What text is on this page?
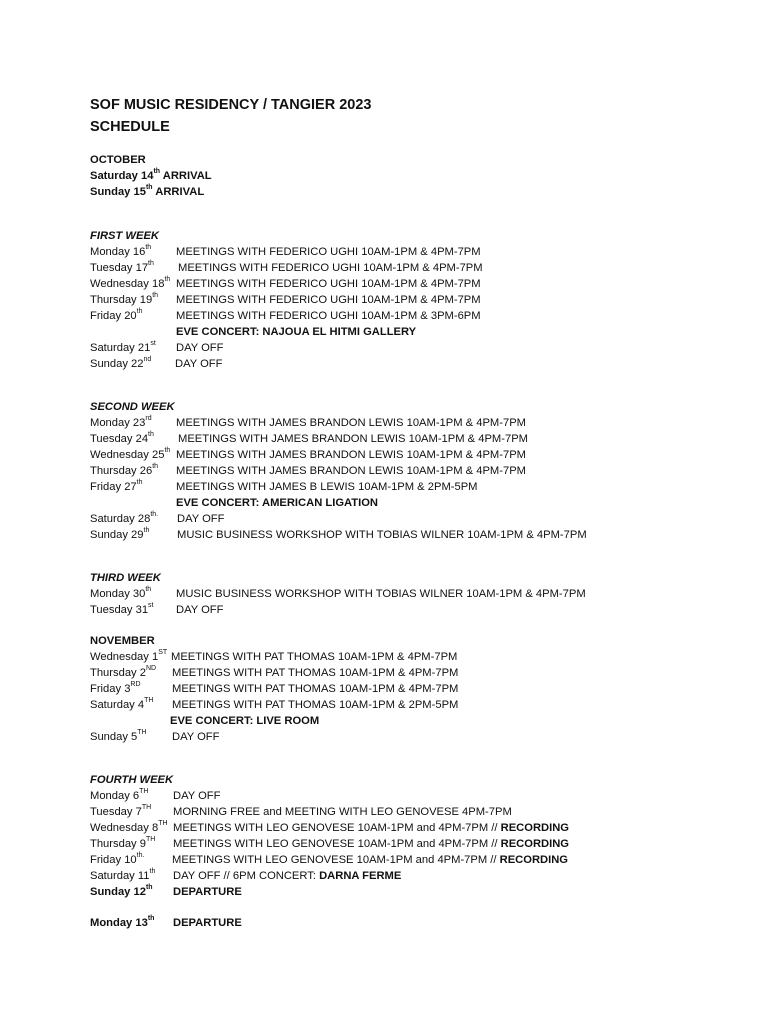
SOF MUSIC RESIDENCY / TANGIER 2023
SCHEDULE
OCTOBER
Saturday 14th ARRIVAL
Sunday 15th ARRIVAL
FIRST WEEK
Monday 16th MEETINGS WITH FEDERICO UGHI 10AM-1PM & 4PM-7PM
Tuesday 17th MEETINGS WITH FEDERICO UGHI 10AM-1PM & 4PM-7PM
Wednesday 18th MEETINGS WITH FEDERICO UGHI 10AM-1PM & 4PM-7PM
Thursday 19th MEETINGS WITH FEDERICO UGHI 10AM-1PM & 4PM-7PM
Friday 20th	MEETINGS WITH FEDERICO UGHI 10AM-1PM & 3PM-6PM
EVE CONCERT: NAJOUA EL HITMI GALLERY
Saturday 21st DAY OFF
Sunday 22nd DAY OFF
SECOND WEEK
Monday 23rd MEETINGS WITH JAMES BRANDON LEWIS 10AM-1PM & 4PM-7PM
Tuesday 24th MEETINGS WITH JAMES BRANDON LEWIS 10AM-1PM & 4PM-7PM
Wednesday 25th MEETINGS WITH JAMES BRANDON LEWIS 10AM-1PM & 4PM-7PM
Thursday 26th MEETINGS WITH JAMES BRANDON LEWIS 10AM-1PM & 4PM-7PM
Friday 27th	MEETINGS WITH JAMES B LEWIS 10AM-1PM & 2PM-5PM
EVE CONCERT: AMERICAN LIGATION
Saturday $28^{th.}$ DAY OFF
Sunday 29th MUSIC BUSINESS WORKSHOP WITH TOBIAS WILNER 10AM-1PM & 4PM-7PM
THIRD WEEK
Monday 30th MUSIC BUSINESS WORKSHOP WITH TOBIAS WILNER 10AM-1PM & 4PM-7PM
Tuesday 31st DAY OFF
NOVEMBER
Wednesday 1ST MEETINGS WITH PAT THOMAS 10AM-1PM & 4PM-7PM
Thursday 2ND MEETINGS WITH PAT THOMAS 10AM-1PM & 4PM-7PM
Friday 3RD	MEETINGS WITH PAT THOMAS 10AM-1PM & 4PM-7PM
Saturday 4TH MEETINGS WITH PAT THOMAS 10AM-1PM & 2PM-5PM
EVE CONCERT: LIVE ROOM
Sunday 5TH DAY OFF
FOURTH WEEK
Monday 6TH DAY OFF
Tuesday 7TH MORNING FREE and MEETING WITH LEO GENOVESE 4PM-7PM
Wednesday 8TH MEETINGS WITH LEO GENOVESE 10AM-1PM and 4PM-7PM // RECORDING
Thursday 9TH MEETINGS WITH LEO GENOVESE 10AM-1PM and 4PM-7PM // RECORDING
Friday $10^{th.}$ MEETINGS WITH LEO GENOVESE 10AM-1PM and 4PM-7PM // RECORDING
Saturday 11th DAY OFF // 6PM CONCERT: DARNA FERME
Sunday 12th DEPARTURE
Monday 13th DEPARTURE
